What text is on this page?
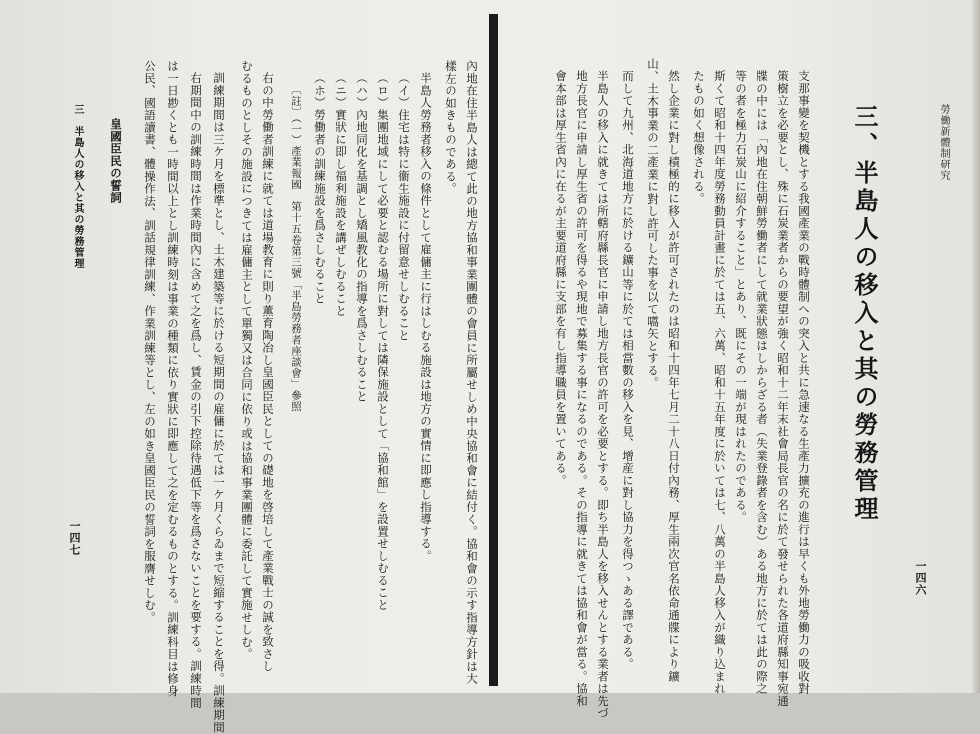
勞働新體制研究
一四六
三、半島人の移入と其の勞務管理
支那事變を契機とする我國產業の戰時體制への突入と共に急速なる生產力擴充の進行は早くも外地勞働力の吸收對
策樹立を必要とし、殊に石炭業者からの要望が強く昭和十二年末社會局長官の名に於て發せられた各道府縣知事宛通
牒の中には「內地在住朝鮮勞働者にして就業狀態はしからざる者（失業登錄者を含む）ある地方に於ては此の際之
等の者を極力石炭山に紹介すること」とあり、既にその一端が現はれたのである。
斯くて昭和十四年度勞務動員計畫に於ては五、六萬、昭和十五年度に於いては七、八萬の半島人移入が織り込まれ
たもの如く想像される。
然し企業に對し積極的に移入が許可されたのは昭和十四年七月二十八日付內務、厚生兩次官名依命通牒により鑛
山、土木事業の二產業に對し許可した事を以て嚆矢とする。
而して九州、北海道地方に於ける鑛山等に於ては相當數の移入を見、增産に對し協力を得つゝある譯である。
半島人の移入に就きては所轄府縣長官に申請し地方長官の許可を必要とする。即ち半島人を移入せんとする業者は先づ
地方長官に申請し厚生省の許可を得るや現地で募集する事になるのである。その指導に就きては協和會が當る。協和
會本部は厚生省內に在るが主要道府縣に支部を有し指導職員を置いてある。
內地在住半島人は總て此の地方協和事業團體の會員に所屬せしめ中央協和會に結付く。協和會の示す指導方針は大
樣左の如きものである。
半島人勞務者移入の條件として雇傭主に行はしむる施設は地方の實情に即應し指導する。
（イ）住宅は特に衞生施設に付留意せしむること
（ロ）集團地域にして必要と認むる場所に對しては隣保施設として「協和館」を設置せしむること
（ハ）內地同化を基調とし矯風教化の指導を爲さしむること
（ニ）實狀に即し福利施設を講ぜしむること
（ホ）勞働者の訓練施設を爲さしむること
〔註〕（一）產業報國　第十五卷第三號「半島勞務者座談會」參照
右の中勞働者訓練に就ては道場教育に則り薫育陶冶し皇國臣民としての礎地を啓培して產業戰士の誠を致さし
むるものとしその施設につきては雇傭主として單獨又は合同に依り或は協和事業團體に委託して實施せしむ。
訓練期間は三ケ月を標準とし、土木建築等に於ける短期間の雇傭に於ては一ケ月くらゐまで短縮することを得。訓練期間
右期間中の訓練時間は作業時間內に含めて之を爲し、賃金の引下控除待遇低下等を爲さないことを要する。訓練時間
は一日尠くとも一時間以上とし訓練時刻は事業の種類に依り實狀に即應して之を定むるものとする。訓練科目は修身
公民、國語讀書、體操作法、訓話規律訓練、作業訓練等とし、左の如き皇國臣民の誓詞を服膺せしむ。
皇國臣民の誓詞
三　半島人の移入と其の勞務管理
一四七
